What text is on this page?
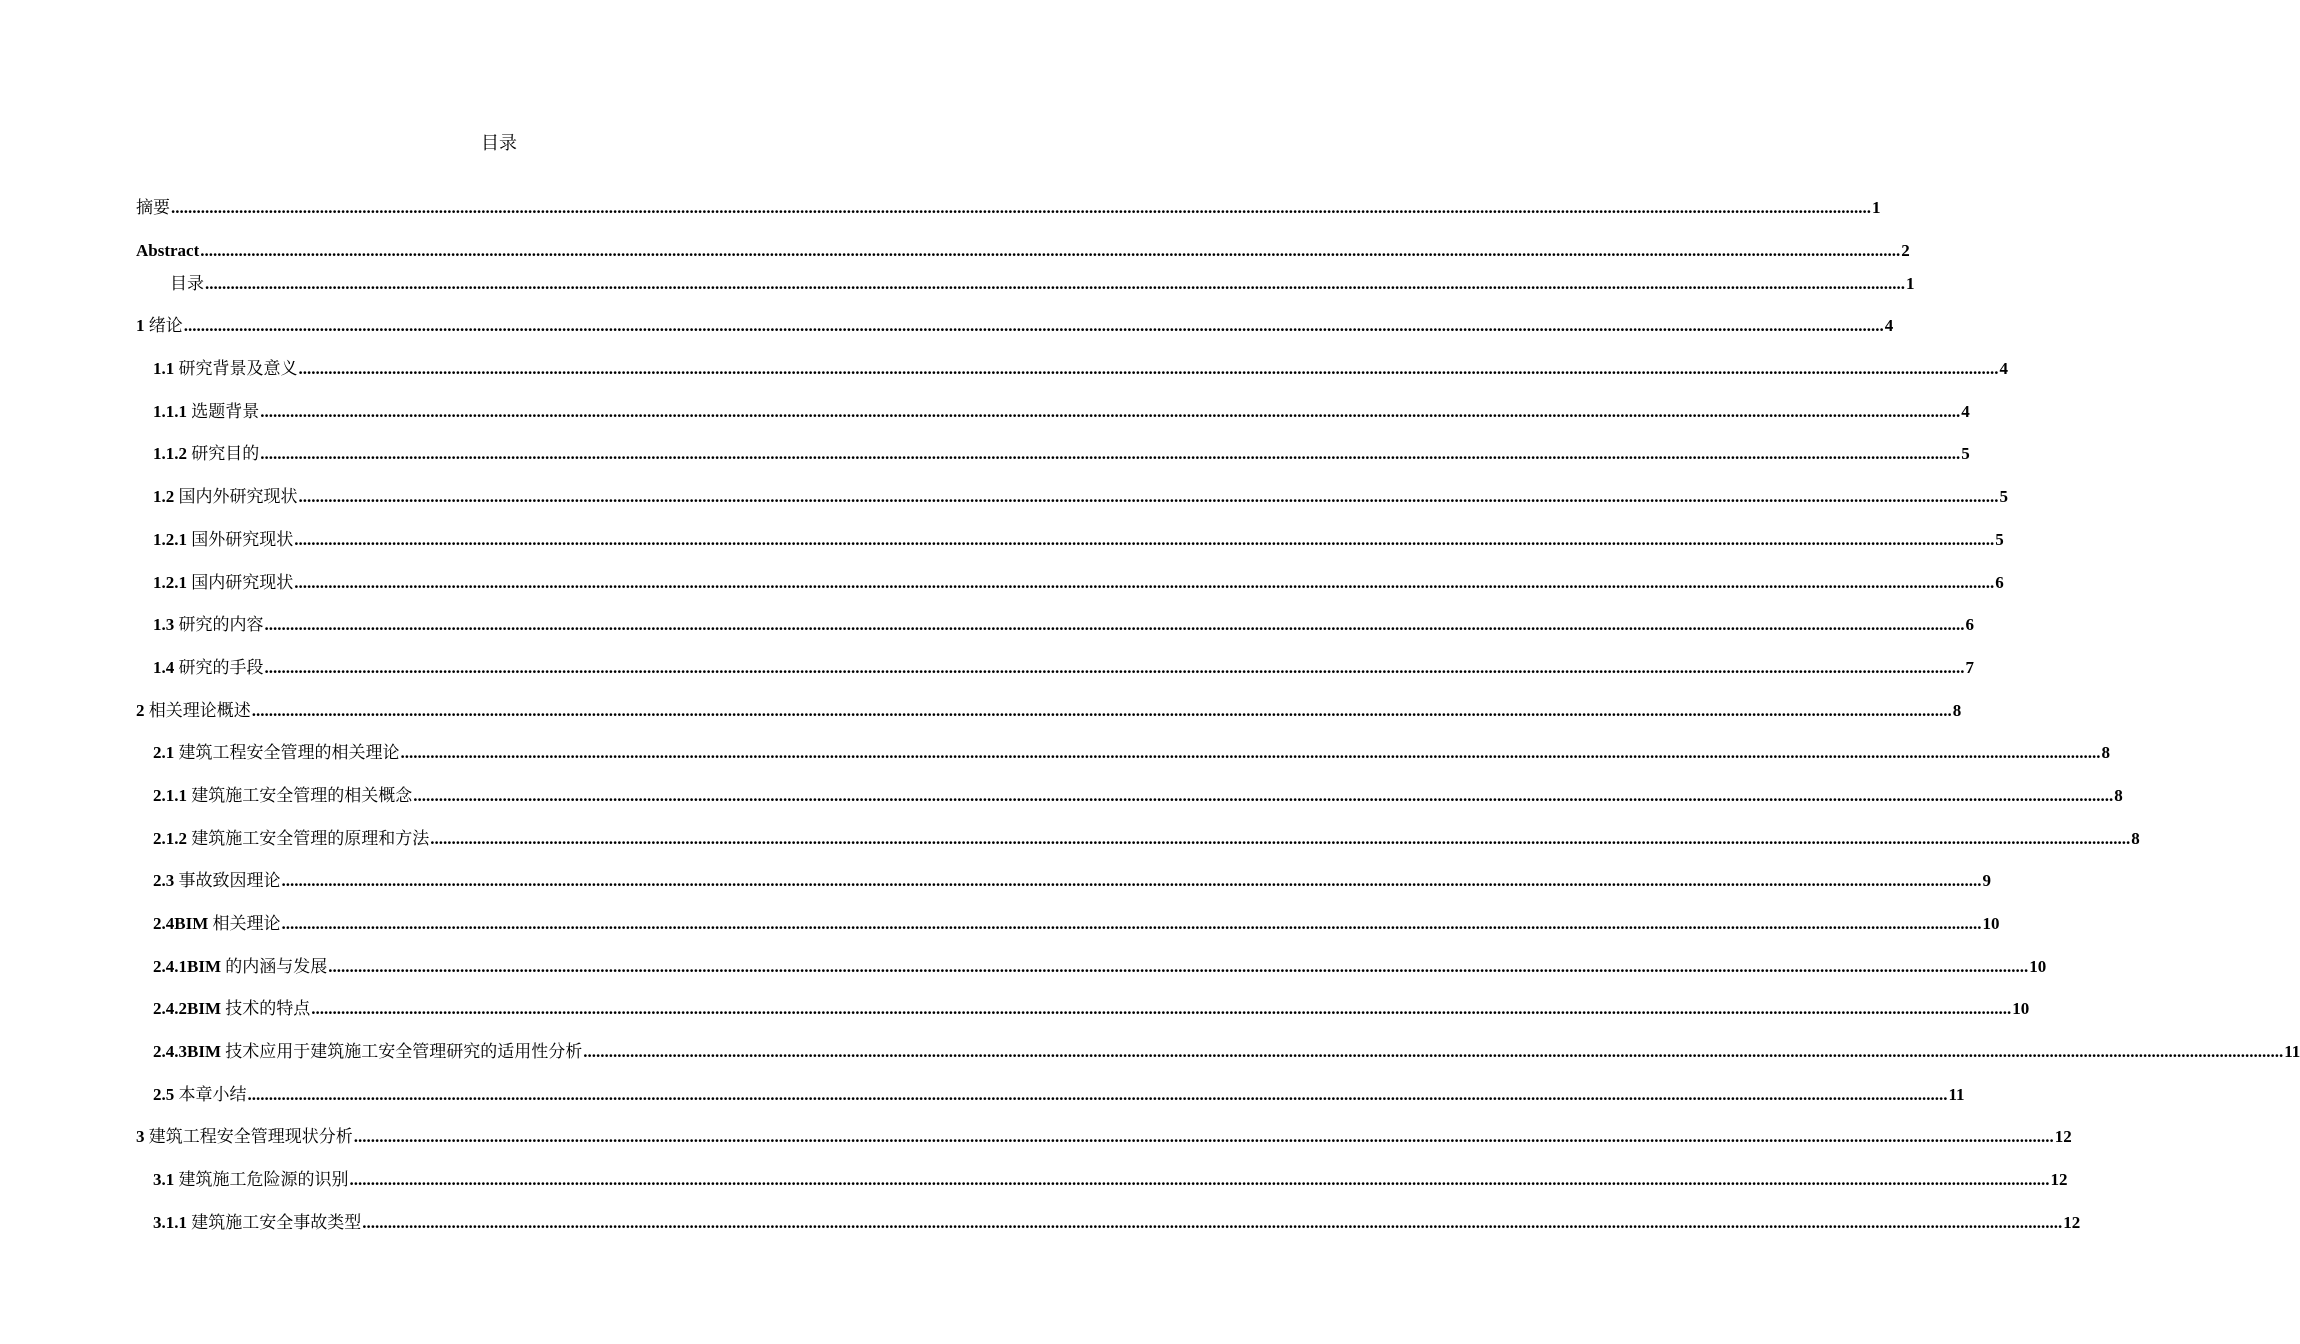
目录
摘要 ................................................................................................................................................................................................................................................................................................................................................................................................................ 1
Abstract ................................................................................................................................................................................................................................................................................................................................................................................................................ 2
目录 ................................................................................................................................................................................................................................................................................................................................................................................................................ 1
1 绪论 ................................................................................................................................................................................................................................................................................................................................................................................................................ 4
1.1 研究背景及意义 ................................................................................................................................................................................................................................................................................................................................................................................................................ 4
1.1.1 选题背景 ................................................................................................................................................................................................................................................................................................................................................................................................................ 4
1.1.2 研究目的 ................................................................................................................................................................................................................................................................................................................................................................................................................ 5
1.2 国内外研究现状 ................................................................................................................................................................................................................................................................................................................................................................................................................ 5
1.2.1 国外研究现状 ................................................................................................................................................................................................................................................................................................................................................................................................................ 5
1.2.1 国内研究现状 ................................................................................................................................................................................................................................................................................................................................................................................................................ 6
1.3 研究的内容 ................................................................................................................................................................................................................................................................................................................................................................................................................ 6
1.4 研究的手段 ................................................................................................................................................................................................................................................................................................................................................................................................................ 7
2 相关理论概述 ................................................................................................................................................................................................................................................................................................................................................................................................................ 8
2.1 建筑工程安全管理的相关理论 ................................................................................................................................................................................................................................................................................................................................................................................................................ 8
2.1.1 建筑施工安全管理的相关概念 ................................................................................................................................................................................................................................................................................................................................................................................................................ 8
2.1.2 建筑施工安全管理的原理和方法 ................................................................................................................................................................................................................................................................................................................................................................................................................ 8
2.3 事故致因理论 ................................................................................................................................................................................................................................................................................................................................................................................................................ 9
2.4BIM 相关理论 ................................................................................................................................................................................................................................................................................................................................................................................................................ 10
2.4.1BIM 的内涵与发展 ................................................................................................................................................................................................................................................................................................................................................................................................................ 10
2.4.2BIM 技术的特点 ................................................................................................................................................................................................................................................................................................................................................................................................................ 10
2.4.3BIM 技术应用于建筑施工安全管理研究的适用性分析 ................................................................................................................................................................................................................................................................................................................................................................................................................ 11
2.5 本章小结 ................................................................................................................................................................................................................................................................................................................................................................................................................ 11
3 建筑工程安全管理现状分析 ................................................................................................................................................................................................................................................................................................................................................................................................................ 12
3.1 建筑施工危险源的识别 ................................................................................................................................................................................................................................................................................................................................................................................................................ 12
3.1.1 建筑施工安全事故类型 ................................................................................................................................................................................................................................................................................................................................................................................................................ 12
